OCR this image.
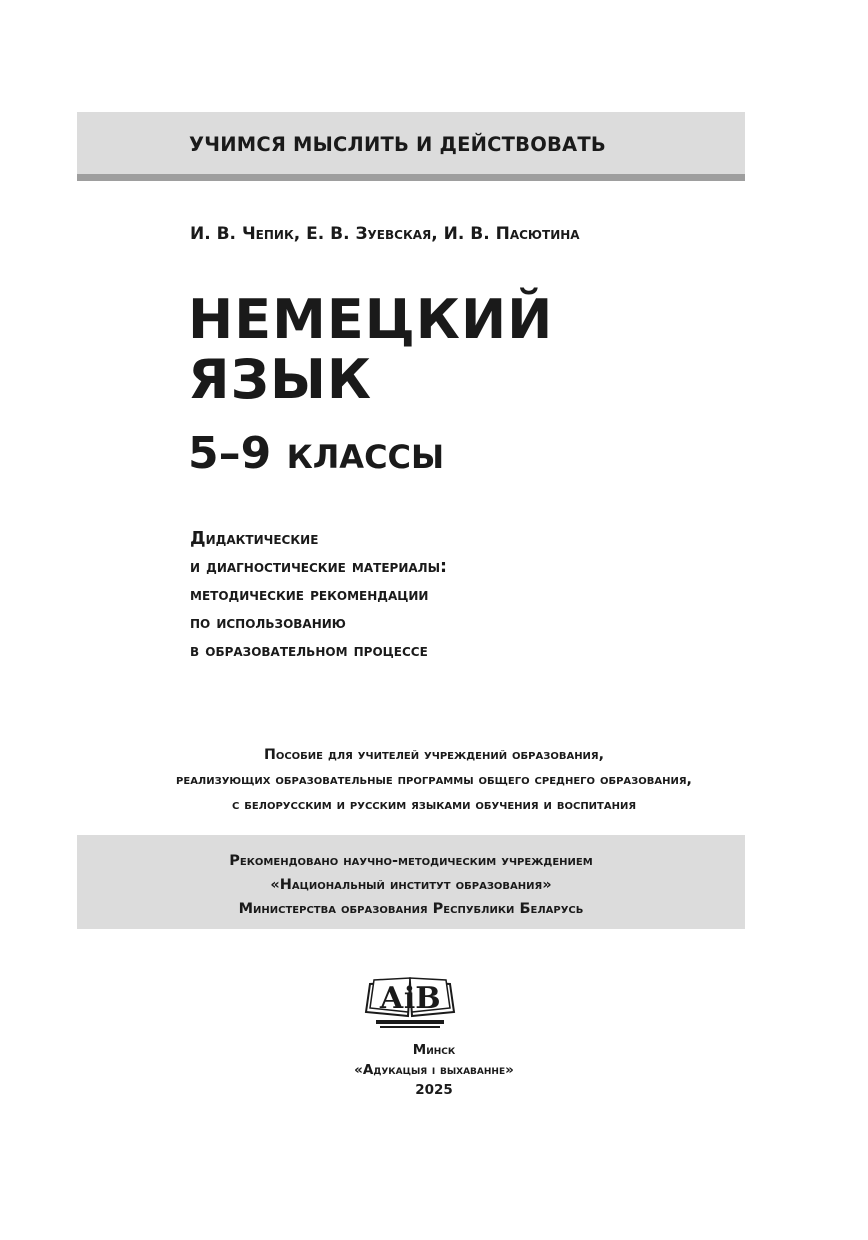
УЧИМСЯ МЫСЛИТЬ И ДЕЙСТВОВАТЬ
И. В. Чепик, Е. В. Зуевская, И. В. Пасютина
НЕМЕЦКИЙ
ЯЗЫК
5–9 КЛАССЫ
Дидактические
и диагностические материалы:
методические рекомендации
по использованию
в образовательном процессе
Пособие для учителей учреждений образования,
реализующих образовательные программы общего среднего образования,
с белорусским и русским языками обучения и воспитания
Рекомендовано научно-методическим учреждением
«Национальный институт образования»
Министерства образования Республики Беларусь
АіВ
Минск
«Адукацыя і выхаванне»
2025
